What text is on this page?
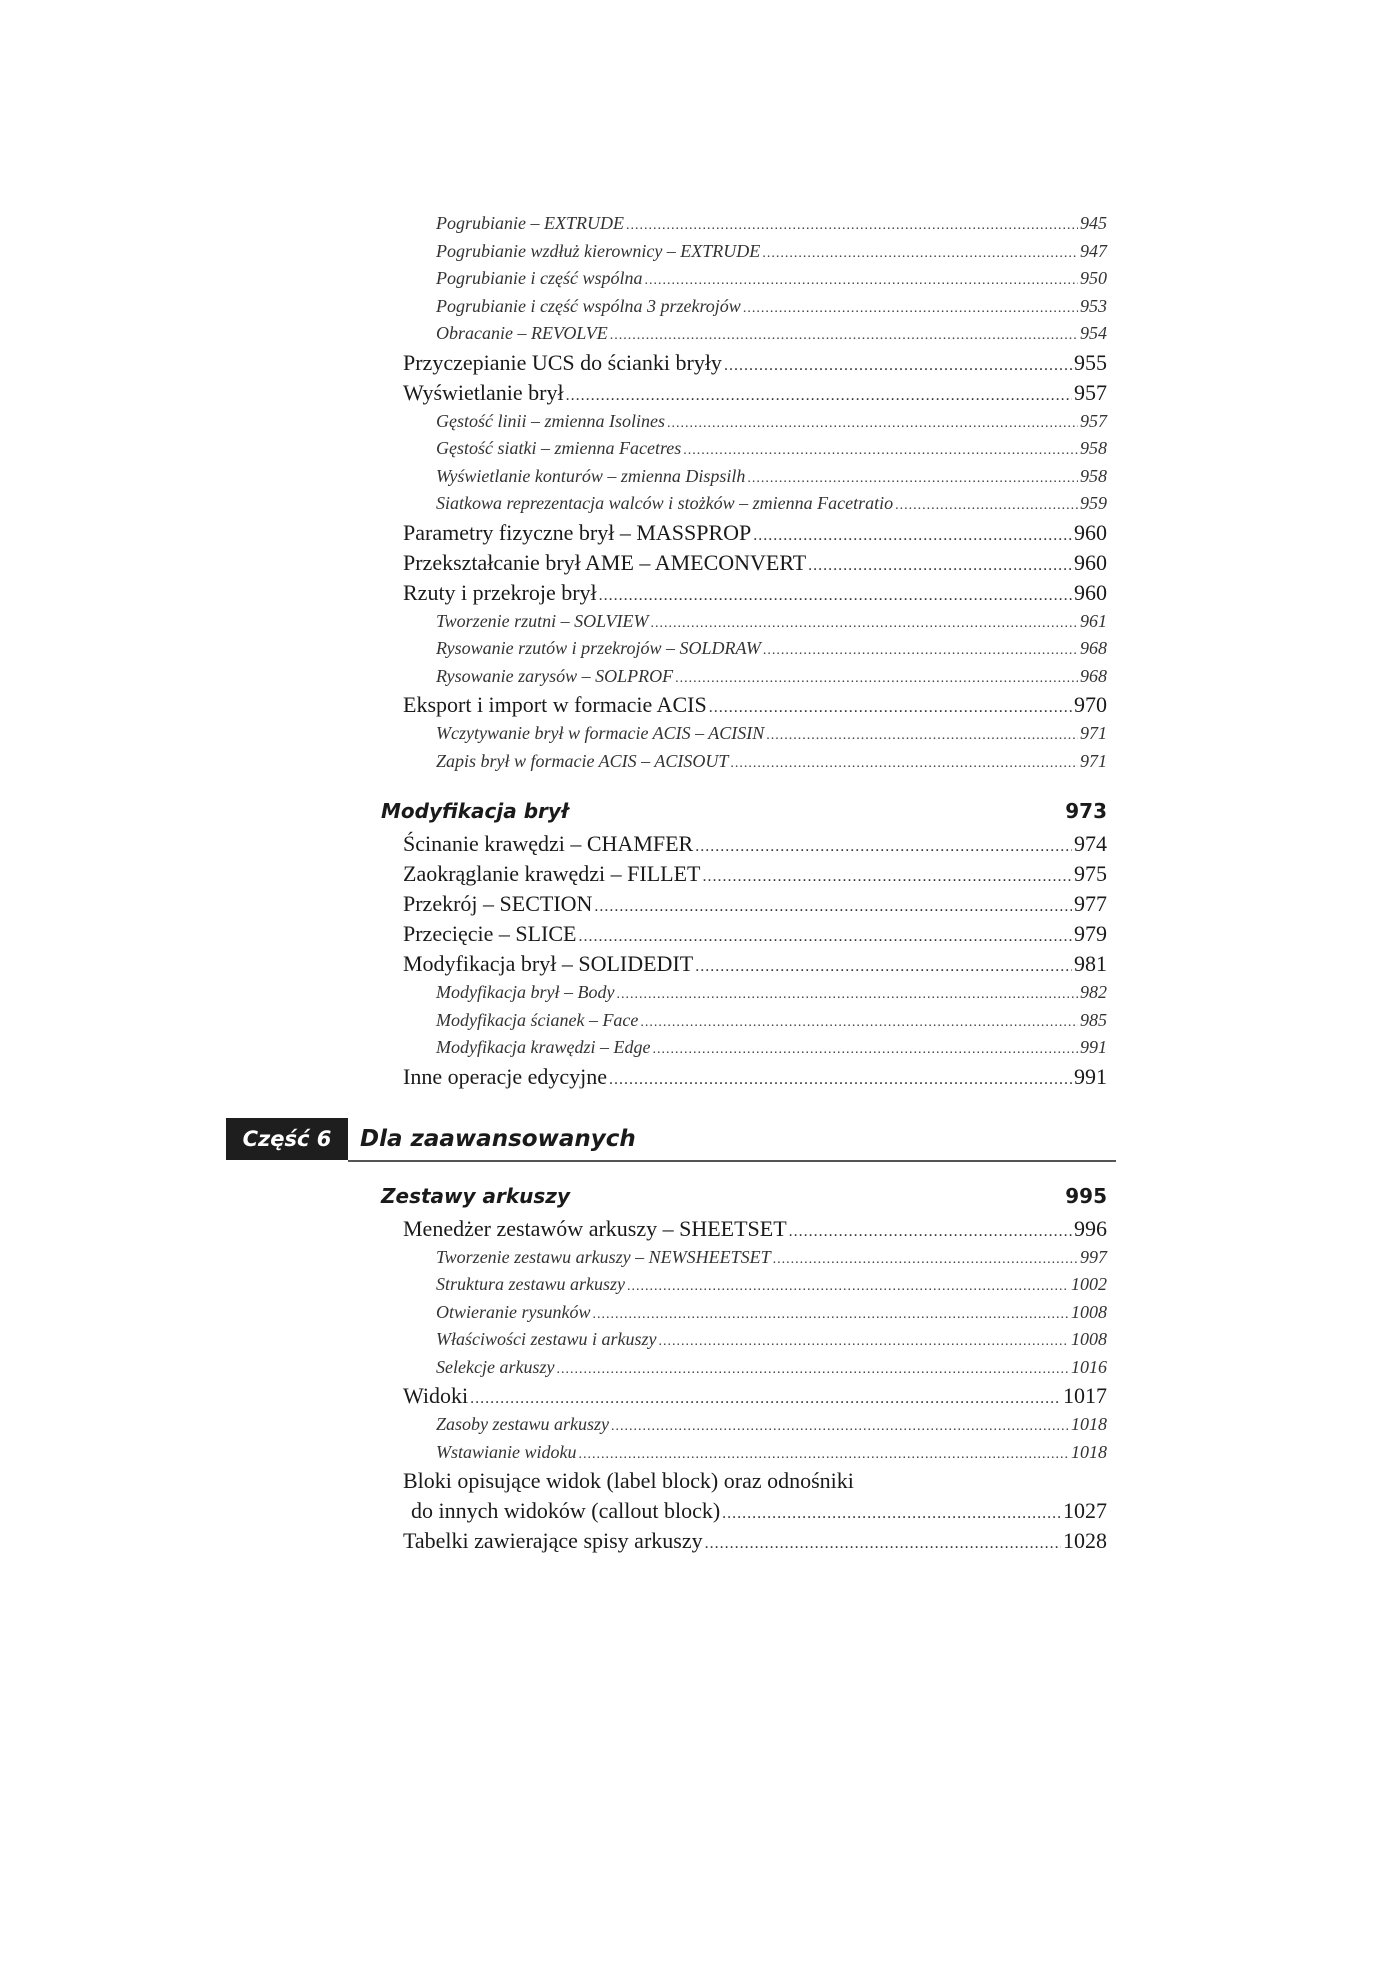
Pogrubianie – EXTRUDE .....	945
Pogrubianie wzdłuż kierownicy – EXTRUDE .....	947
Pogrubianie i część wspólna .....	950
Pogrubianie i część wspólna 3 przekrojów .....	953
Obracanie – REVOLVE .....	954
Przyczepianie UCS do ścianki bryły .....	955
Wyświetlanie brył .....	957
Gęstość linii – zmienna Isolines .....	957
Gęstość siatki – zmienna Facetres .....	958
Wyświetlanie konturów – zmienna Dispsilh .....	958
Siatkowa reprezentacja walców i stożków – zmienna Facetratio .....	959
Parametry fizyczne brył – MASSPROP .....	960
Przekształcanie brył AME – AMECONVERT .....	960
Rzuty i przekroje brył .....	960
Tworzenie rzutni – SOLVIEW .....	961
Rysowanie rzutów i przekrojów – SOLDRAW .....	968
Rysowanie zarysów – SOLPROF .....	968
Eksport i import w formacie ACIS .....	970
Wczytywanie brył w formacie ACIS – ACISIN .....	971
Zapis brył w formacie ACIS – ACISOUT .....	971
Modyfikacja brył	973
Ścinanie krawędzi – CHAMFER .....	974
Zaokrąglanie krawędzi – FILLET .....	975
Przekrój – SECTION .....	977
Przecięcie – SLICE .....	979
Modyfikacja brył – SOLIDEDIT .....	981
Modyfikacja brył – Body .....	982
Modyfikacja ścianek – Face .....	985
Modyfikacja krawędzi – Edge .....	991
Inne operacje edycyjne .....	991
Część 6	Dla zaawansowanych
Zestawy arkuszy	995
Menedżer zestawów arkuszy – SHEETSET .....	996
Tworzenie zestawu arkuszy – NEWSHEETSET .....	997
Struktura zestawu arkuszy .....	1002
Otwieranie rysunków .....	1008
Właściwości zestawu i arkuszy .....	1008
Selekcje arkuszy .....	1016
Widoki .....	1017
Zasoby zestawu arkuszy .....	1018
Wstawianie widoku .....	1018
Bloki opisujące widok (label block) oraz odnośniki
do innych widoków (callout block) .....	1027
Tabelki zawierające spisy arkuszy .....	1028
